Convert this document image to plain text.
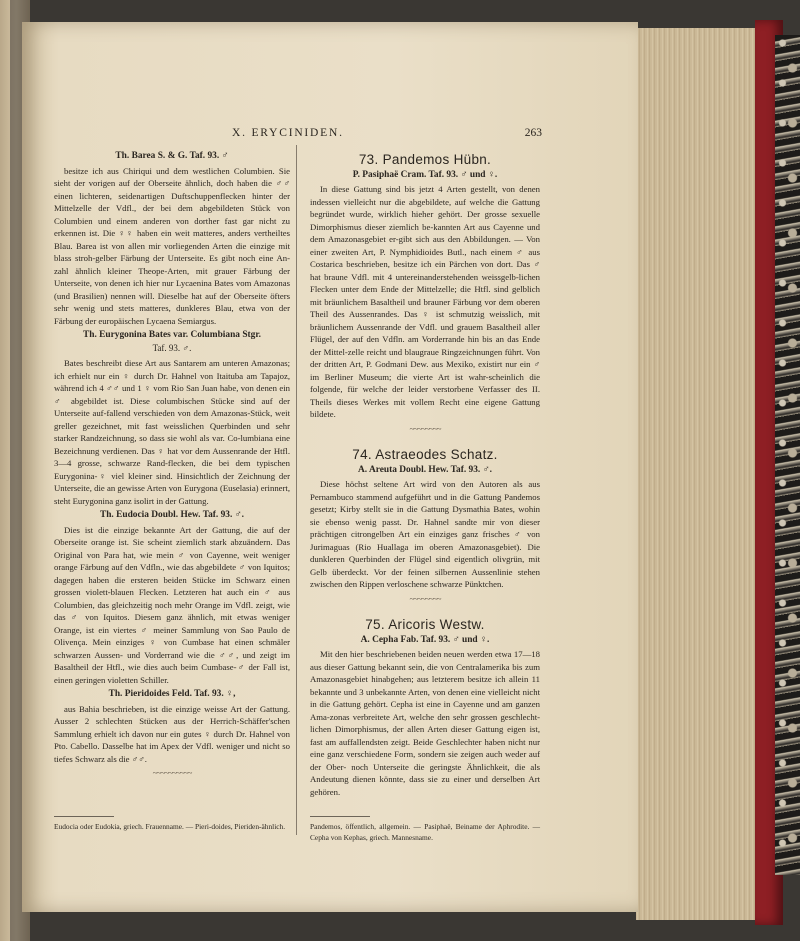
X. ERYCINIDEN.	263
Th. Barea S. & G. Taf. 93. ♂

besitze ich aus Chiriqui und dem westlichen Columbien. Sie sieht der vorigen auf der Oberseite ähnlich, doch haben die ♂♂ einen lichteren, seidenartigen Duftschuppenflecken hinter der Mittelzelle der Vdfl., der bei dem abgebildeten Stück von Columbien und einem anderen von dorther fast gar nicht zu erkennen ist. Die ♀♀ haben ein weit matteres, anders vertheiltes Blau. Barea ist von allen mir vorliegenden Arten die einzige mit blass stroh-gelber Färbung der Unterseite. Es gibt noch eine An-zahl ähnlich kleiner Theope-Arten, mit grauer Färbung der Unterseite, von denen ich hier nur Lycaenina Bates vom Amazonas (und Brasilien) nennen will. Dieselbe hat auf der Oberseite öfters sehr wenig und stets matteres, dunkleres Blau, etwa von der Färbung der europäischen Lycaena Semiargus.

Th. Eurygonina Bates var. Columbiana Stgr.
Taf. 93. ♂.

Bates beschreibt diese Art aus Santarem am unteren Amazonas; ich erhielt nur ein ♀ durch Dr. Hahnel von Itaituba am Tapajoz, während ich 4 ♂♂ und 1 ♀ vom Rio San Juan habe, von denen ein ♂ abgebildet ist. Diese columbischen Stücke sind auf der Unterseite auf-fallend verschieden von dem Amazonas-Stück, weit greller gezeichnet, mit fast weisslichen Querbinden und sehr starker Randzeichnung, so dass sie wohl als var. Co-lumbiana eine Bezeichnung verdienen. Das ♀ hat vor dem Aussenrande der Htfl. 3—4 grosse, schwarze Rand-flecken, die bei dem typischen Eurygonina-♀ viel kleiner sind. Hinsichtlich der Zeichnung der Unterseite, die an gewisse Arten von Eurygona (Euselasia) erinnert, steht Eurygonina ganz isolirt in der Gattung.

Th. Eudocia Doubl. Hew. Taf. 93. ♂.

Dies ist die einzige bekannte Art der Gattung, die auf der Oberseite orange ist. Sie scheint ziemlich stark abzuändern. Das Original von Para hat, wie mein ♂ von Cayenne, weit weniger orange Färbung auf den Vdfln., wie das abgebildete ♂ von Iquitos; dagegen haben die ersteren beiden Stücke im Schwarz einen grossen violett-blauen Flecken. Letzteren hat auch ein ♂ aus Columbien, das gleichzeitig noch mehr Orange im Vdfl. zeigt, wie das ♂ von Iquitos. Diesem ganz ähnlich, mit etwas weniger Orange, ist ein viertes ♂ meiner Sammlung von Sao Paulo de Olivença. Mein einziges ♀ von Cumbase hat einen schmäler schwarzen Aussen- und Vorderrand wie die ♂♂, und zeigt im Basaltheil der Htfl., wie dies auch beim Cumbase-♂ der Fall ist, einen geringen violetten Schiller.

Th. Pieridoides Feld. Taf. 93. ♀,

aus Bahia beschrieben, ist die einzige weisse Art der Gattung. Ausser 2 schlechten Stücken aus der Herrich-Schäffer'schen Sammlung erhielt ich davon nur ein gutes ♀ durch Dr. Hahnel von Pto. Cabello. Dasselbe hat im Apex der Vdfl. weniger und nicht so tiefes Schwarz als die ♂♂.

~~~~~~~~~~
73. Pandemos Hübn.
P. Pasiphaë Cram. Taf. 93. ♂ und ♀.

In diese Gattung sind bis jetzt 4 Arten gestellt, von denen indessen vielleicht nur die abgebildete, auf welche die Gattung begründet wurde, wirklich hieher gehört. Der grosse sexuelle Dimorphismus dieser ziemlich be-kannten Art aus Cayenne und dem Amazonasgebiet er-gibt sich aus den Abbildungen. — Von einer zweiten Art, P. Nymphidioides Butl., nach einem ♂ aus Costarica beschrieben, besitze ich ein Pärchen von dort. Das ♂ hat braune Vdfl. mit 4 untereinanderstehenden weissgelb-lichen Flecken unter dem Ende der Mittelzelle; die Htfl. sind gelblich mit bräunlichem Basaltheil und brauner Färbung vor dem oberen Theil des Aussenrandes. Das ♀ ist schmutzig weisslich, mit bräunlichem Aussenrande der Vdfl. und grauem Basaltheil aller Flügel, der auf den Vdfln. am Vorderrande hin bis an das Ende der Mittel-zelle reicht und blaugraue Ringzeichnungen führt. Von der dritten Art, P. Godmani Dew. aus Mexiko, existirt nur ein ♂ im Berliner Museum; die vierte Art ist wahr-scheinlich die folgende, für welche der leider verstorbene Verfasser des II. Theils dieses Werkes mit vollem Recht eine eigene Gattung bildete.

~~~~~~~~
74. Astraeodes Schatz.
A. Areuta Doubl. Hew. Taf. 93. ♂.

Diese höchst seltene Art wird von den Autoren als aus Pernambuco stammend aufgeführt und in die Gattung Pandemos gesetzt; Kirby stellt sie in die Gattung Dysmathia Bates, wohin sie ebenso wenig passt. Dr. Hahnel sandte mir von dieser prächtigen citrongelben Art ein einziges ganz frisches ♂ von Jurimaguas (Rio Huallaga im oberen Amazonasgebiet). Die dunkleren Querbinden der Flügel sind eigentlich olivgrün, mit Gelb überdeckt. Vor der feinen silbernen Aussenlinie stehen zwischen den Rippen verloschene schwarze Pünktchen.

~~~~~~~~
75. Aricoris Westw.
A. Cepha Fab. Taf. 93. ♂ und ♀.

Mit den hier beschriebenen beiden neuen werden etwa 17—18 aus dieser Gattung bekannt sein, die von Centralamerika bis zum Amazonasgebiet hinabgehen; aus letzterem besitze ich allein 11 bekannte und 3 unbekannte Arten, von denen eine vielleicht nicht in die Gattung gehört. Cepha ist eine in Cayenne und am ganzen Ama-zonas verbreitete Art, welche den sehr grossen geschlecht-lichen Dimorphismus, der allen Arten dieser Gattung eigen ist, fast am auffallendsten zeigt. Beide Geschlechter haben nicht nur eine ganz verschiedene Form, sondern sie zeigen auch weder auf der Ober- noch Unterseite die geringste Ähnlichkeit, die als Andeutung dienen könnte, dass sie zu einer und derselben Art gehören.

Eudocia oder Eudokia, griech. Frauenname. — Pieri-doides, Pieriden-ähnlich.	Pandemos, öffentlich, allgemein. — Pasiphaë, Beiname der Aphrodite. — Cepha von Kephas, griech. Mannesname.
